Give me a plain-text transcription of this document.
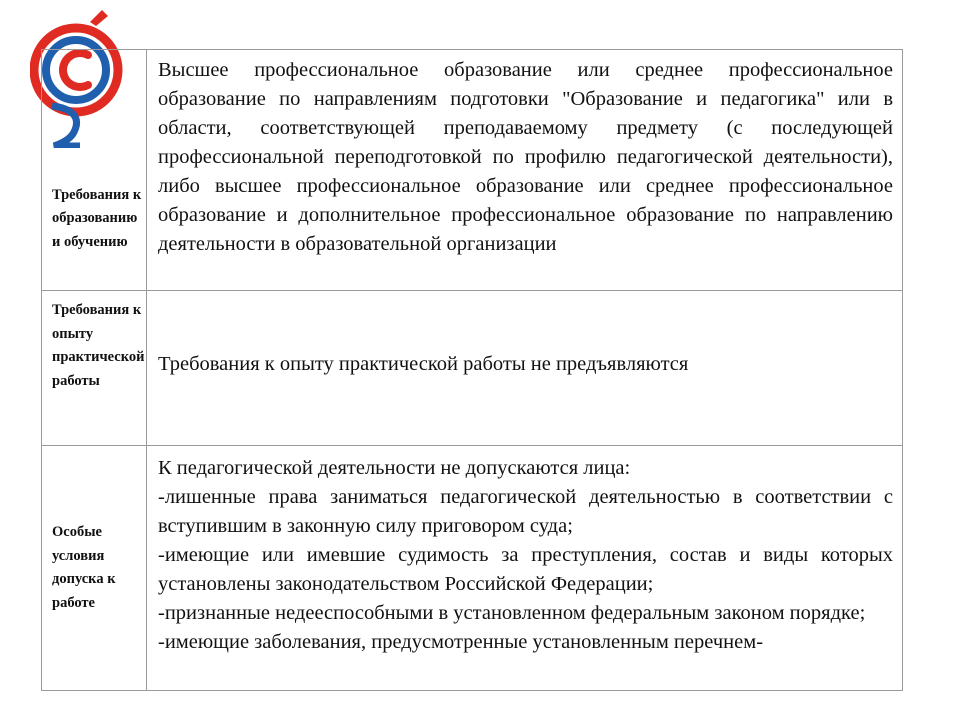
Требования к образованию и обучению	Высшее профессиональное образование или среднее профессиональное образование по направлениям подготовки "Образование и педагогика" или в области, соответствующей преподаваемому предмету (с последующей профессиональной переподготовкой по профилю педагогической деятельности), либо высшее профессиональное образование или среднее профессиональное образование и дополнительное профессиональное образование по направлению деятельности в образовательной организации

Требования к опыту практической работы	Требования к опыту практической работы не предъявляются

Особые условия допуска к работе	К педагогической деятельности не допускаются лица:
-лишенные права заниматься педагогической деятельностью в соответствии с вступившим в законную силу приговором суда;
-имеющие или имевшие судимость за преступления, состав и виды которых установлены законодательством Российской Федерации;
-признанные недееспособными в установленном федеральным законом порядке;
-имеющие заболевания, предусмотренные установленным перечнем-
